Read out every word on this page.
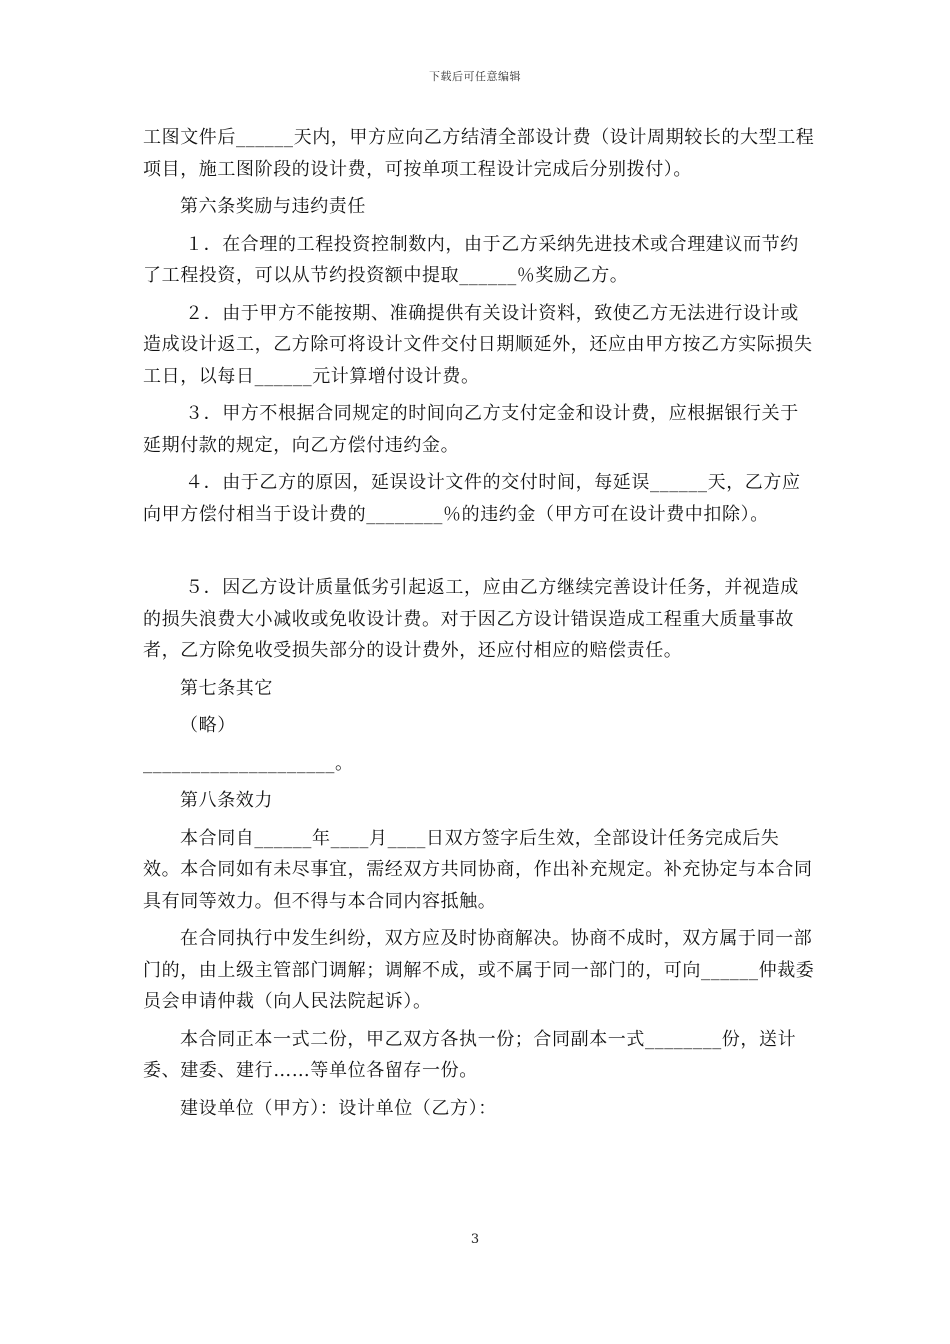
下载后可任意编辑

工图文件后______天内，甲方应向乙方结清全部设计费（设计周期较长的大型工程项目，施工图阶段的设计费，可按单项工程设计完成后分别拨付）。

第六条奖励与违约责任

１．在合理的工程投资控制数内，由于乙方采纳先进技术或合理建议而节约了工程投资，可以从节约投资额中提取______％奖励乙方。

２．由于甲方不能按期、准确提供有关设计资料，致使乙方无法进行设计或造成设计返工，乙方除可将设计文件交付日期顺延外，还应由甲方按乙方实际损失工日，以每日______元计算增付设计费。

３．甲方不根据合同规定的时间向乙方支付定金和设计费，应根据银行关于延期付款的规定，向乙方偿付违约金。

４．由于乙方的原因，延误设计文件的交付时间，每延误______天，乙方应向甲方偿付相当于设计费的________％的违约金（甲方可在设计费中扣除）。

５．因乙方设计质量低劣引起返工，应由乙方继续完善设计任务，并视造成的损失浪费大小减收或免收设计费。对于因乙方设计错误造成工程重大质量事故者，乙方除免收受损失部分的设计费外，还应付相应的赔偿责任。

第七条其它

（略）

____________________。

第八条效力

本合同自______年____月____日双方签字后生效，全部设计任务完成后失效。本合同如有未尽事宜，需经双方共同协商，作出补充规定。补充协定与本合同具有同等效力。但不得与本合同内容抵触。

在合同执行中发生纠纷，双方应及时协商解决。协商不成时，双方属于同一部门的，由上级主管部门调解；调解不成，或不属于同一部门的，可向______仲裁委员会申请仲裁（向人民法院起诉）。

本合同正本一式二份，甲乙双方各执一份；合同副本一式________份，送计委、建委、建行……等单位各留存一份。

建设单位（甲方）：设计单位（乙方）：

3
